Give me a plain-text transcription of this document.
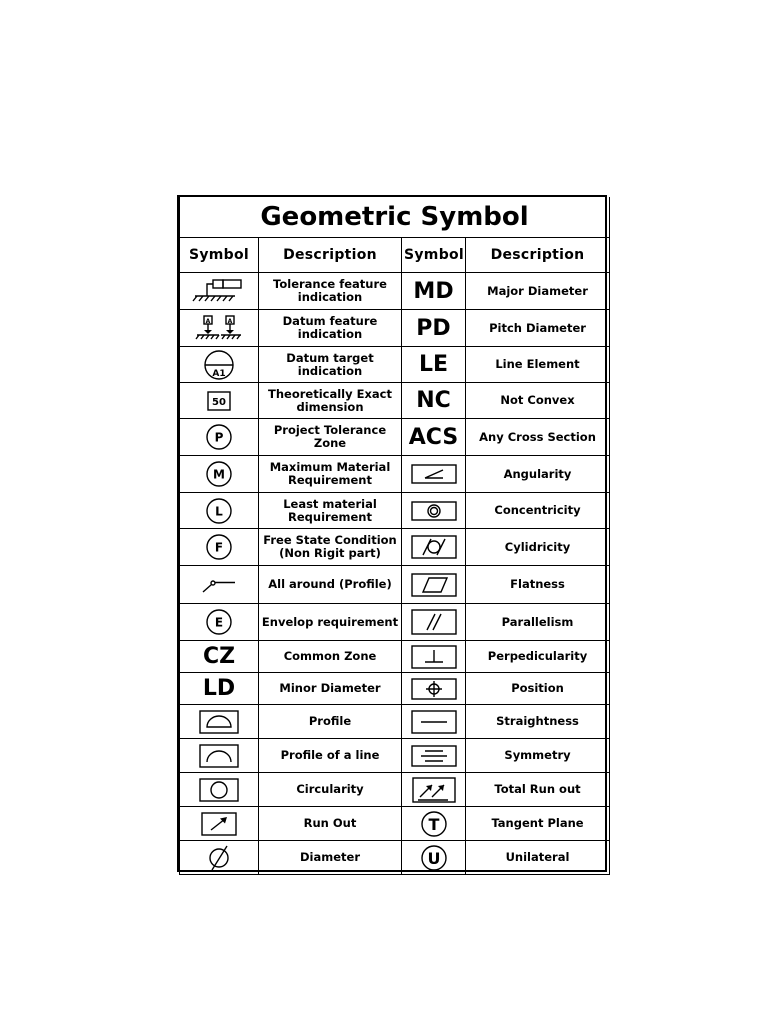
Geometric Symbol			
Symbol	Description	Symbol	Description

	Tolerance feature indication	MD	Major Diameter

A A	Datum feature indication	PD	Pitch Diameter

A1	Datum target indication	LE	Line Element

50	Theoretically Exact dimension	NC	Not Convex

P	Project Tolerance Zone	ACS	Any Cross Section

M	Maximum Material Requirement		Angularity

L	Least material Requirement		Concentricity

F	Free State Condition (Non Rigit part)		Cylidricity

	All around (Profile)		Flatness

E	Envelop requirement		Parallelism
CZ	Common Zone		Perpedicularity
LD	Minor Diameter		Position

	Profile		Straightness

	Profile of a line		Symmetry

	Circularity		Total Run out

	Run Out	T	Tangent Plane

	Diameter	U	Unilateral
